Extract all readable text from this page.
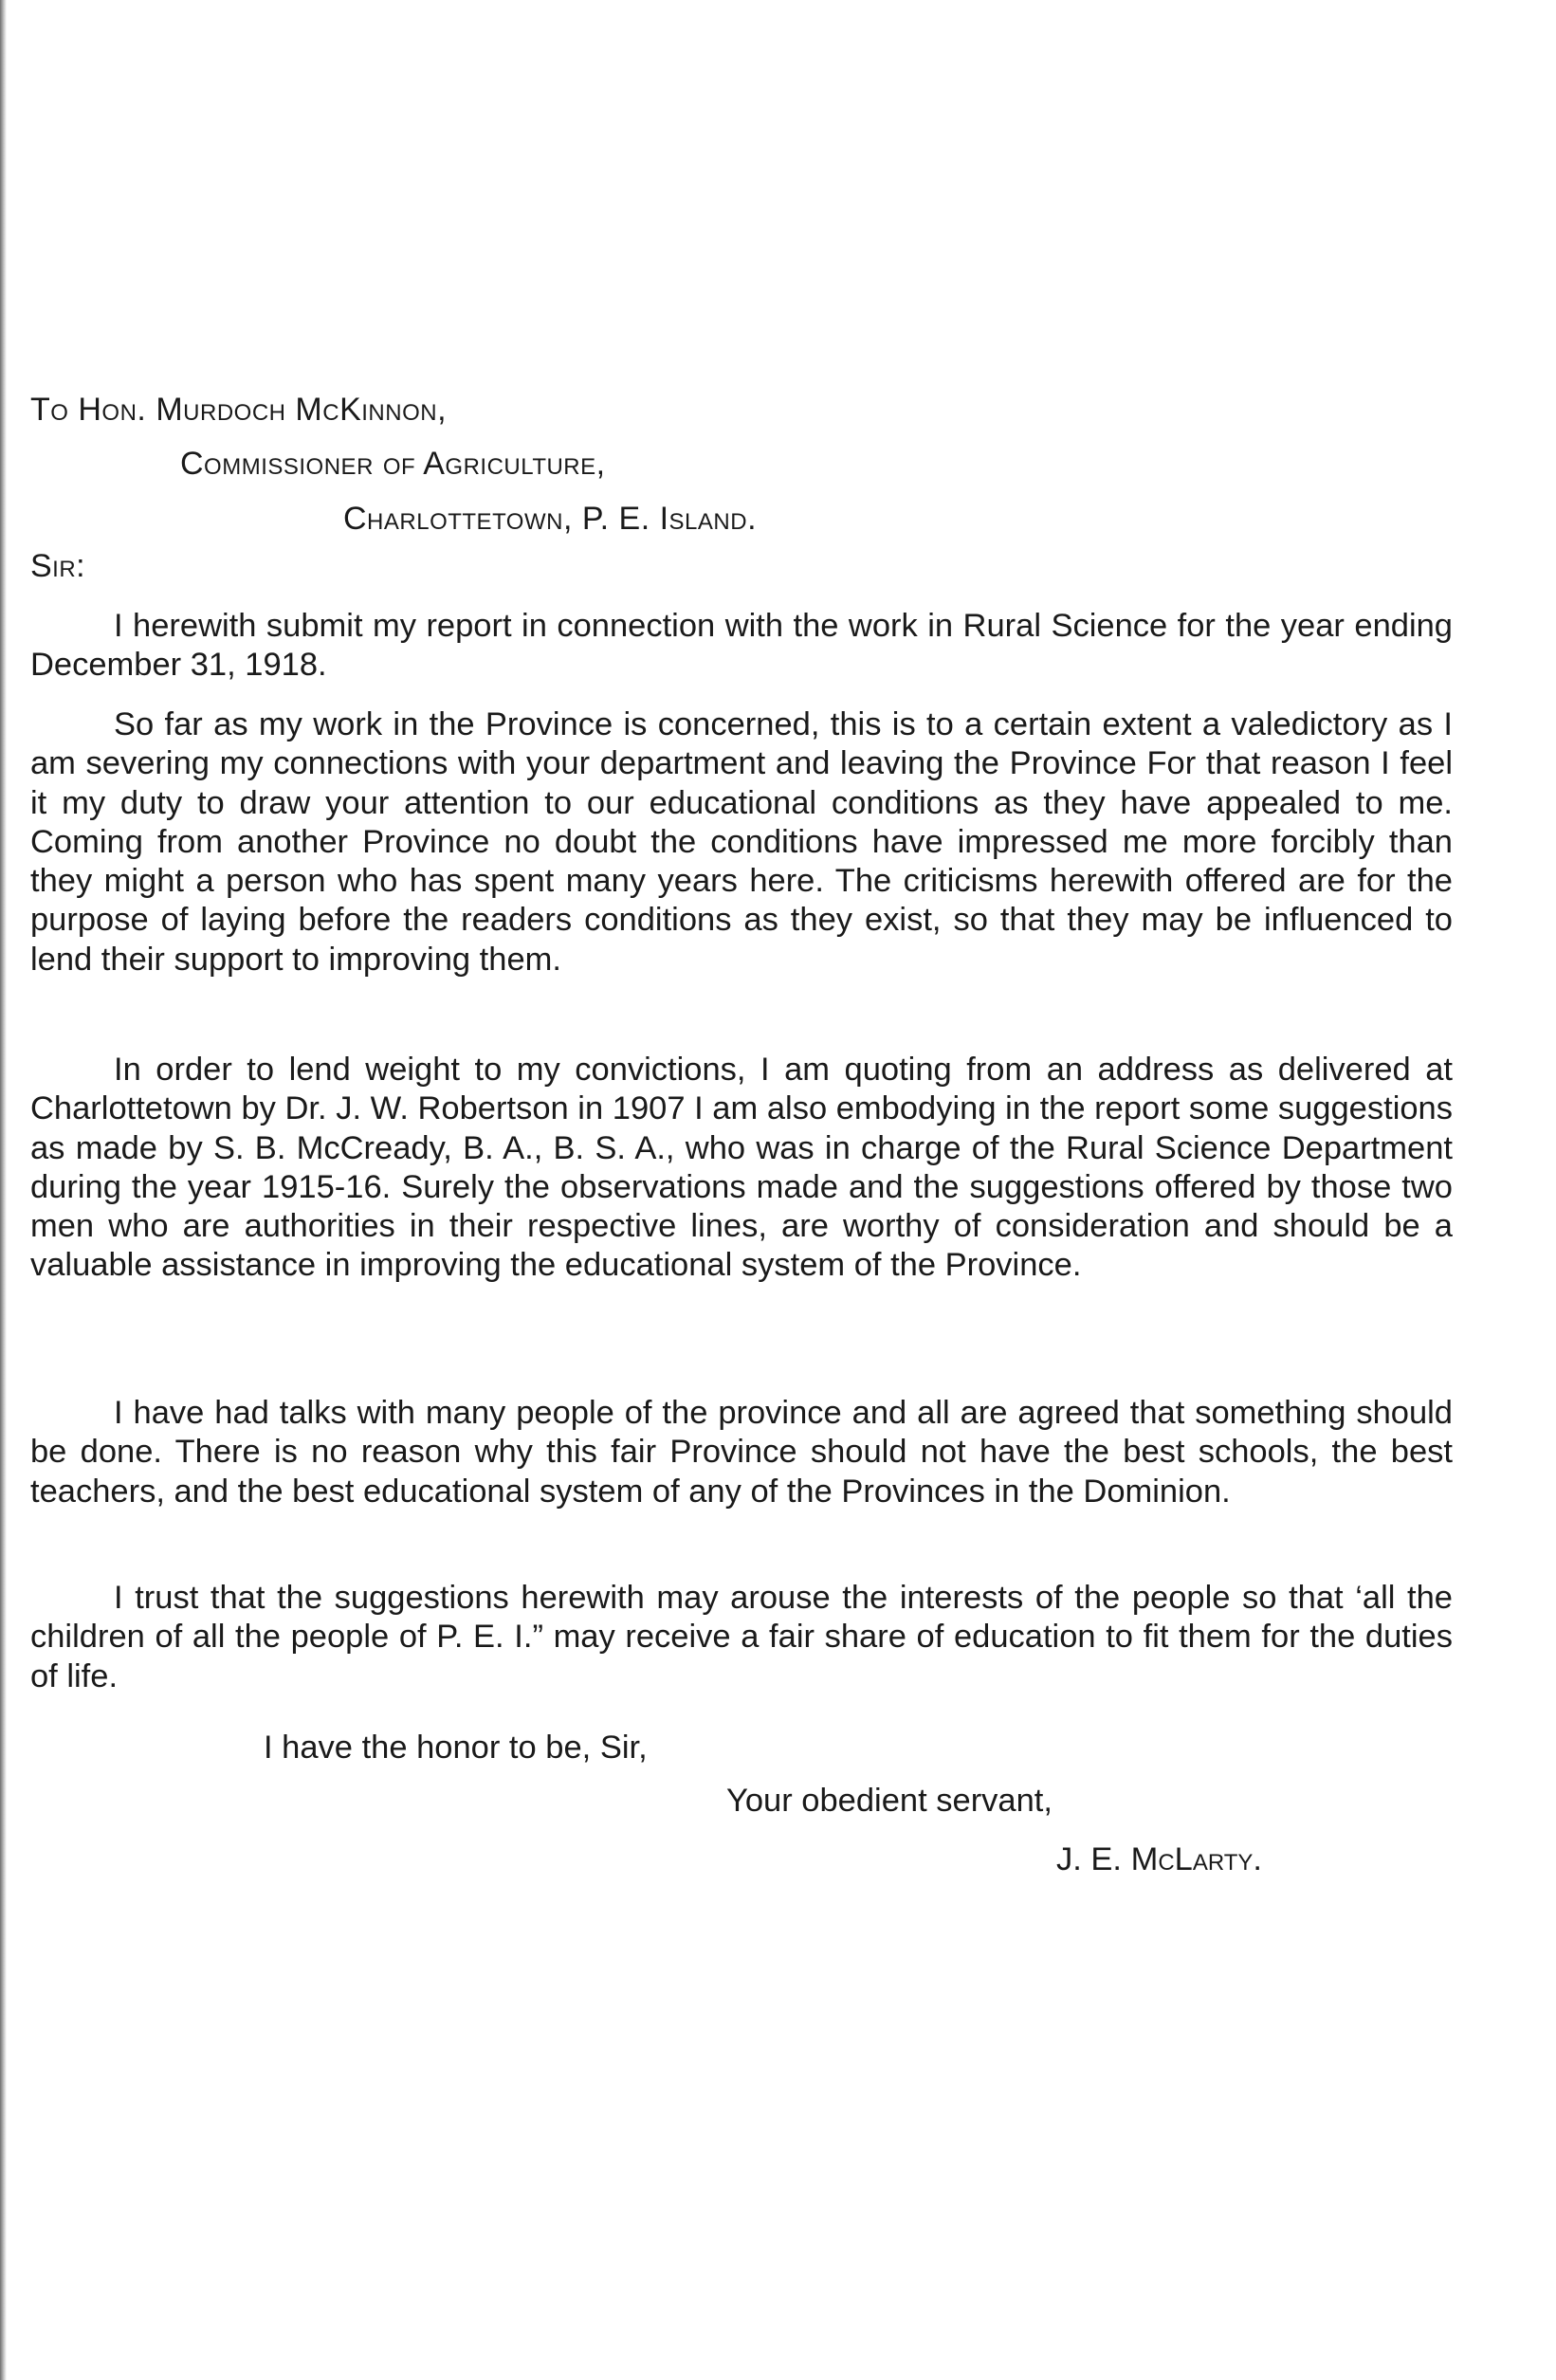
To Hon. Murdoch McKinnon,
Commissioner of Agriculture,
Charlottetown, P. E. Island.
Sir:

I herewith submit my report in connection with the work in Rural Science for the year ending December 31, 1918.

So far as my work in the Province is concerned, this is to a certain extent a valedictory as I am severing my connections with your department and leaving the Province For that reason I feel it my duty to draw your attention to our educational conditions as they have appealed to me. Coming from another Province no doubt the conditions have impressed me more forcibly than they might a person who has spent many years here. The criticisms herewith offered are for the purpose of laying before the readers conditions as they exist, so that they may be influenced to lend their support to improving them.

In order to lend weight to my convictions, I am quoting from an address as delivered at Charlottetown by Dr. J. W. Robertson in 1907 I am also embodying in the report some suggestions as made by S. B. McCready, B. A., B. S. A., who was in charge of the Rural Science Department during the year 1915-16. Surely the observations made and the suggestions offered by those two men who are authorities in their respective lines, are worthy of consideration and should be a valuable assistance in improving the educational system of the Province.

I have had talks with many people of the province and all are agreed that something should be done. There is no reason why this fair Province should not have the best schools, the best teachers, and the best educational system of any of the Provinces in the Dominion.

I trust that the suggestions herewith may arouse the interests of the people so that ‘all the children of all the people of P. E. I.” may receive a fair share of education to fit them for the duties of life.

I have the honor to be, Sir,
Your obedient servant,
J. E. McLarty.
